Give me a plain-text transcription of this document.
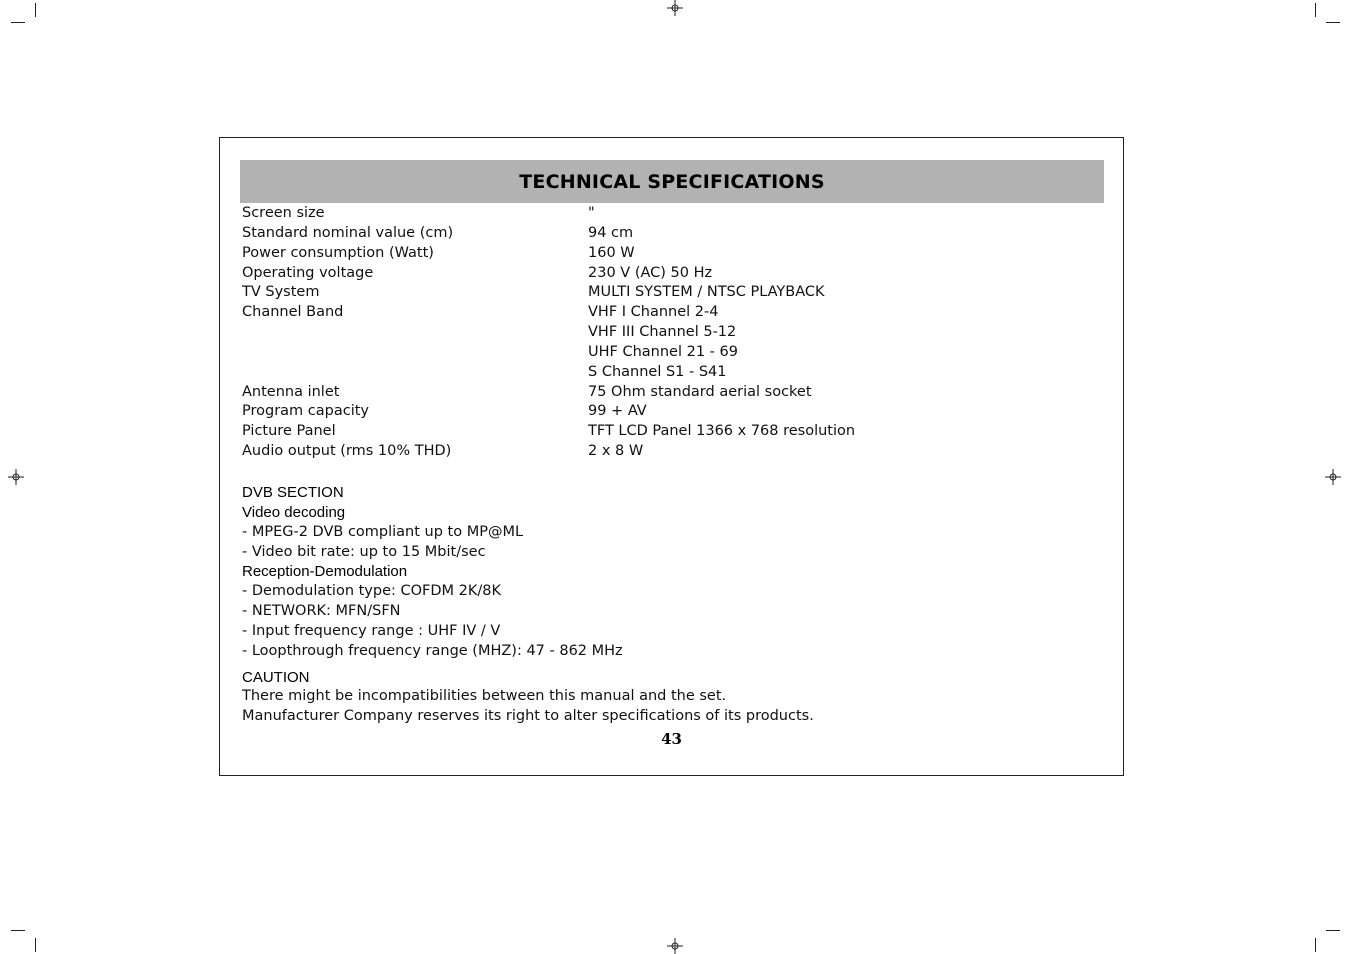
TECHNICAL SPECIFICATIONS
Screen size	"
Standard nominal value (cm)	94 cm
Power consumption (Watt)	160 W
Operating voltage	230 V (AC) 50 Hz
TV System	MULTI SYSTEM / NTSC PLAYBACK
Channel Band	VHF I Channel 2-4
VHF III Channel 5-12
UHF Channel 21 - 69
S Channel S1 - S41
Antenna inlet	75 Ohm standard aerial socket
Program capacity	99 + AV
Picture Panel	TFT LCD Panel 1366 x 768 resolution
Audio output (rms 10% THD)	2 x 8 W
DVB SECTION
Video decoding
- MPEG-2 DVB compliant up to MP@ML
- Video bit rate: up to 15 Mbit/sec
Reception-Demodulation
- Demodulation type: COFDM 2K/8K
- NETWORK: MFN/SFN
- Input frequency range : UHF IV / V
- Loopthrough frequency range (MHZ): 47 - 862 MHz
CAUTION
There might be incompatibilities between this manual and the set.
Manufacturer Company reserves its right to alter specifications of its products.
43
